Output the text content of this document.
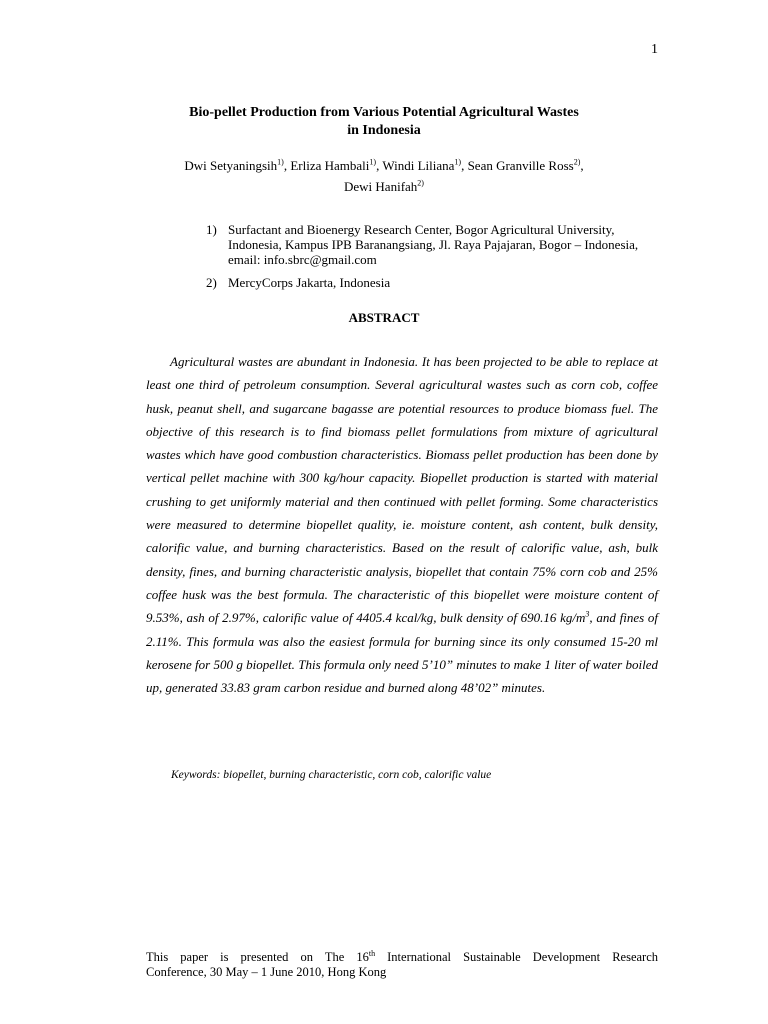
1
Bio-pellet Production from Various Potential Agricultural Wastes
in Indonesia
Dwi Setyaningsih$^{1)}$, Erliza Hambali$^{1)}$, Windi Liliana$^{1)}$, Sean Granville Ross$^{2)}$,
Dewi Hanifah$^{2)}$
1) Surfactant and Bioenergy Research Center, Bogor Agricultural University, Indonesia, Kampus IPB Baranangsiang, Jl. Raya Pajajaran, Bogor – Indonesia, email: info.sbrc@gmail.com
2) MercyCorps Jakarta, Indonesia
ABSTRACT

Agricultural wastes are abundant in Indonesia. It has been projected to be able to replace at least one third of petroleum consumption. Several agricultural wastes such as corn cob, coffee husk, peanut shell, and sugarcane bagasse are potential resources to produce biomass fuel. The objective of this research is to find biomass pellet formulations from mixture of agricultural wastes which have good combustion characteristics. Biomass pellet production has been done by vertical pellet machine with 300 kg/hour capacity. Biopellet production is started with material crushing to get uniformly material and then continued with pellet forming. Some characteristics were measured to determine biopellet quality, ie. moisture content, ash content, bulk density, calorific value, and burning characteristics. Based on the result of calorific value, ash, bulk density, fines, and burning characteristic analysis, biopellet that contain 75% corn cob and 25% coffee husk was the best formula. The characteristic of this biopellet were moisture content of 9.53%, ash of 2.97%, calorific value of 4405.4 kcal/kg, bulk density of 690.16 $kg/m^3$, and fines of 2.11%. This formula was also the easiest formula for burning since its only consumed 15-20 ml kerosene for 500 g biopellet. This formula only need 5’10” minutes to make 1 liter of water boiled up, generated 33.83 gram carbon residue and burned along 48’02” minutes.

Keywords: biopellet, burning characteristic, corn cob, calorific value
This paper is presented on The 16th International Sustainable Development Research
Conference, 30 May – 1 June 2010, Hong Kong
